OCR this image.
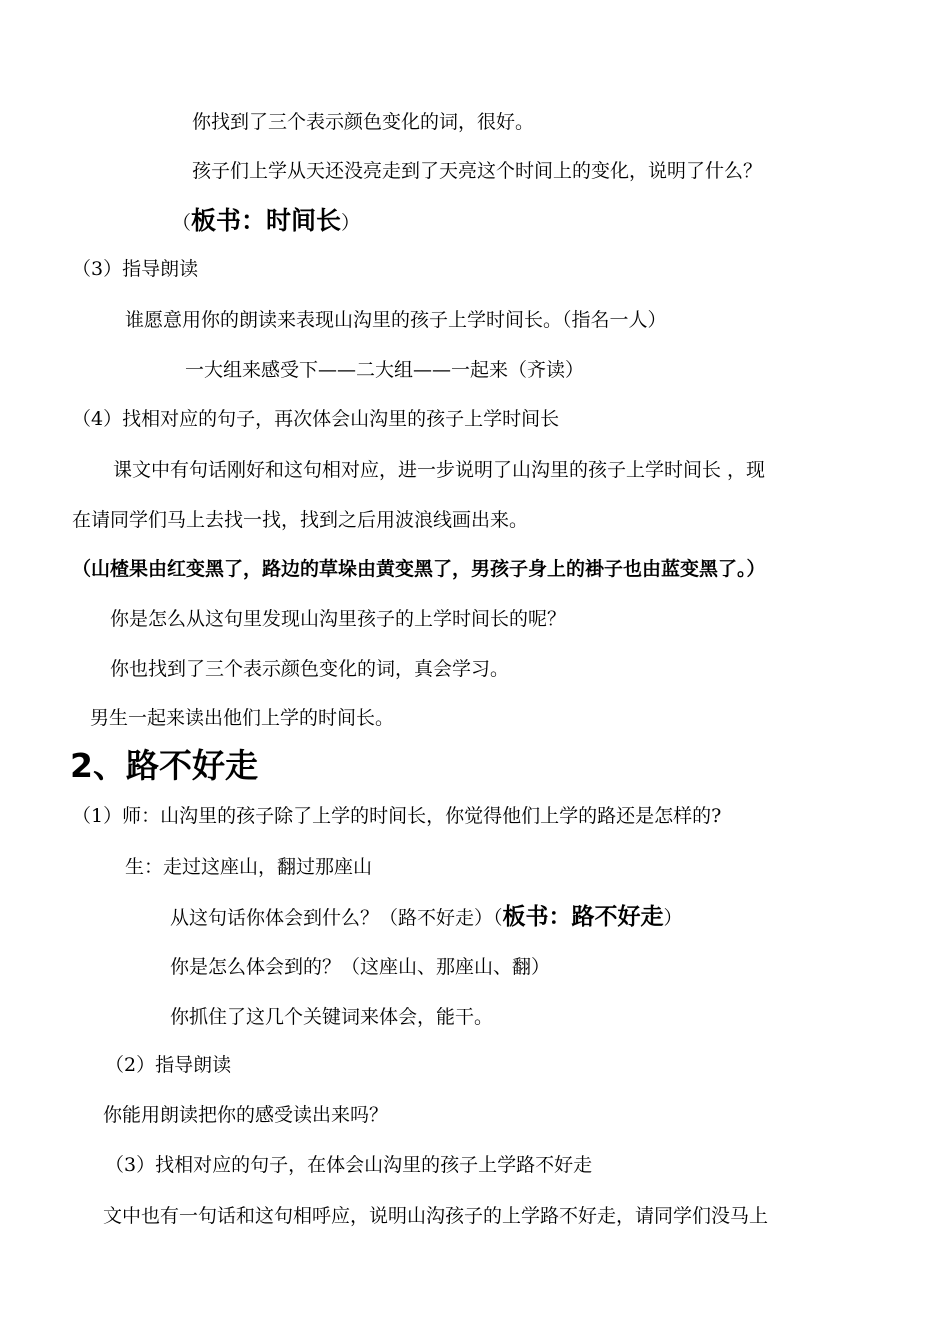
你找到了三个表示颜色变化的词，很好。
孩子们上学从天还没亮走到了天亮这个时间上的变化，说明了什么？
（板书：时间长）
（3）指导朗读
谁愿意用你的朗读来表现山沟里的孩子上学时间长。（指名一人）
一大组来感受下——二大组——一起来（齐读）
（4）找相对应的句子，再次体会山沟里的孩子上学时间长
课文中有句话刚好和这句相对应，进一步说明了山沟里的孩子上学时间长 ，现
在请同学们马上去找一找，找到之后用波浪线画出来。
（山楂果由红变黑了，路边的草垛由黄变黑了，男孩子身上的褂子也由蓝变黑了。）
你是怎么从这句里发现山沟里孩子的上学时间长的呢？
你也找到了三个表示颜色变化的词，真会学习。
男生一起来读出他们上学的时间长。
2、路不好走
（1）师：山沟里的孩子除了上学的时间长，你觉得他们上学的路还是怎样的?
生：走过这座山，翻过那座山
从这句话你体会到什么？（路不好走）（板书：路不好走）
你是怎么体会到的？（这座山、那座山、翻）
你抓住了这几个关键词来体会，能干。
（2）指导朗读
你能用朗读把你的感受读出来吗？
（3）找相对应的句子，在体会山沟里的孩子上学路不好走
文中也有一句话和这句相呼应，说明山沟孩子的上学路不好走，请同学们没马上
